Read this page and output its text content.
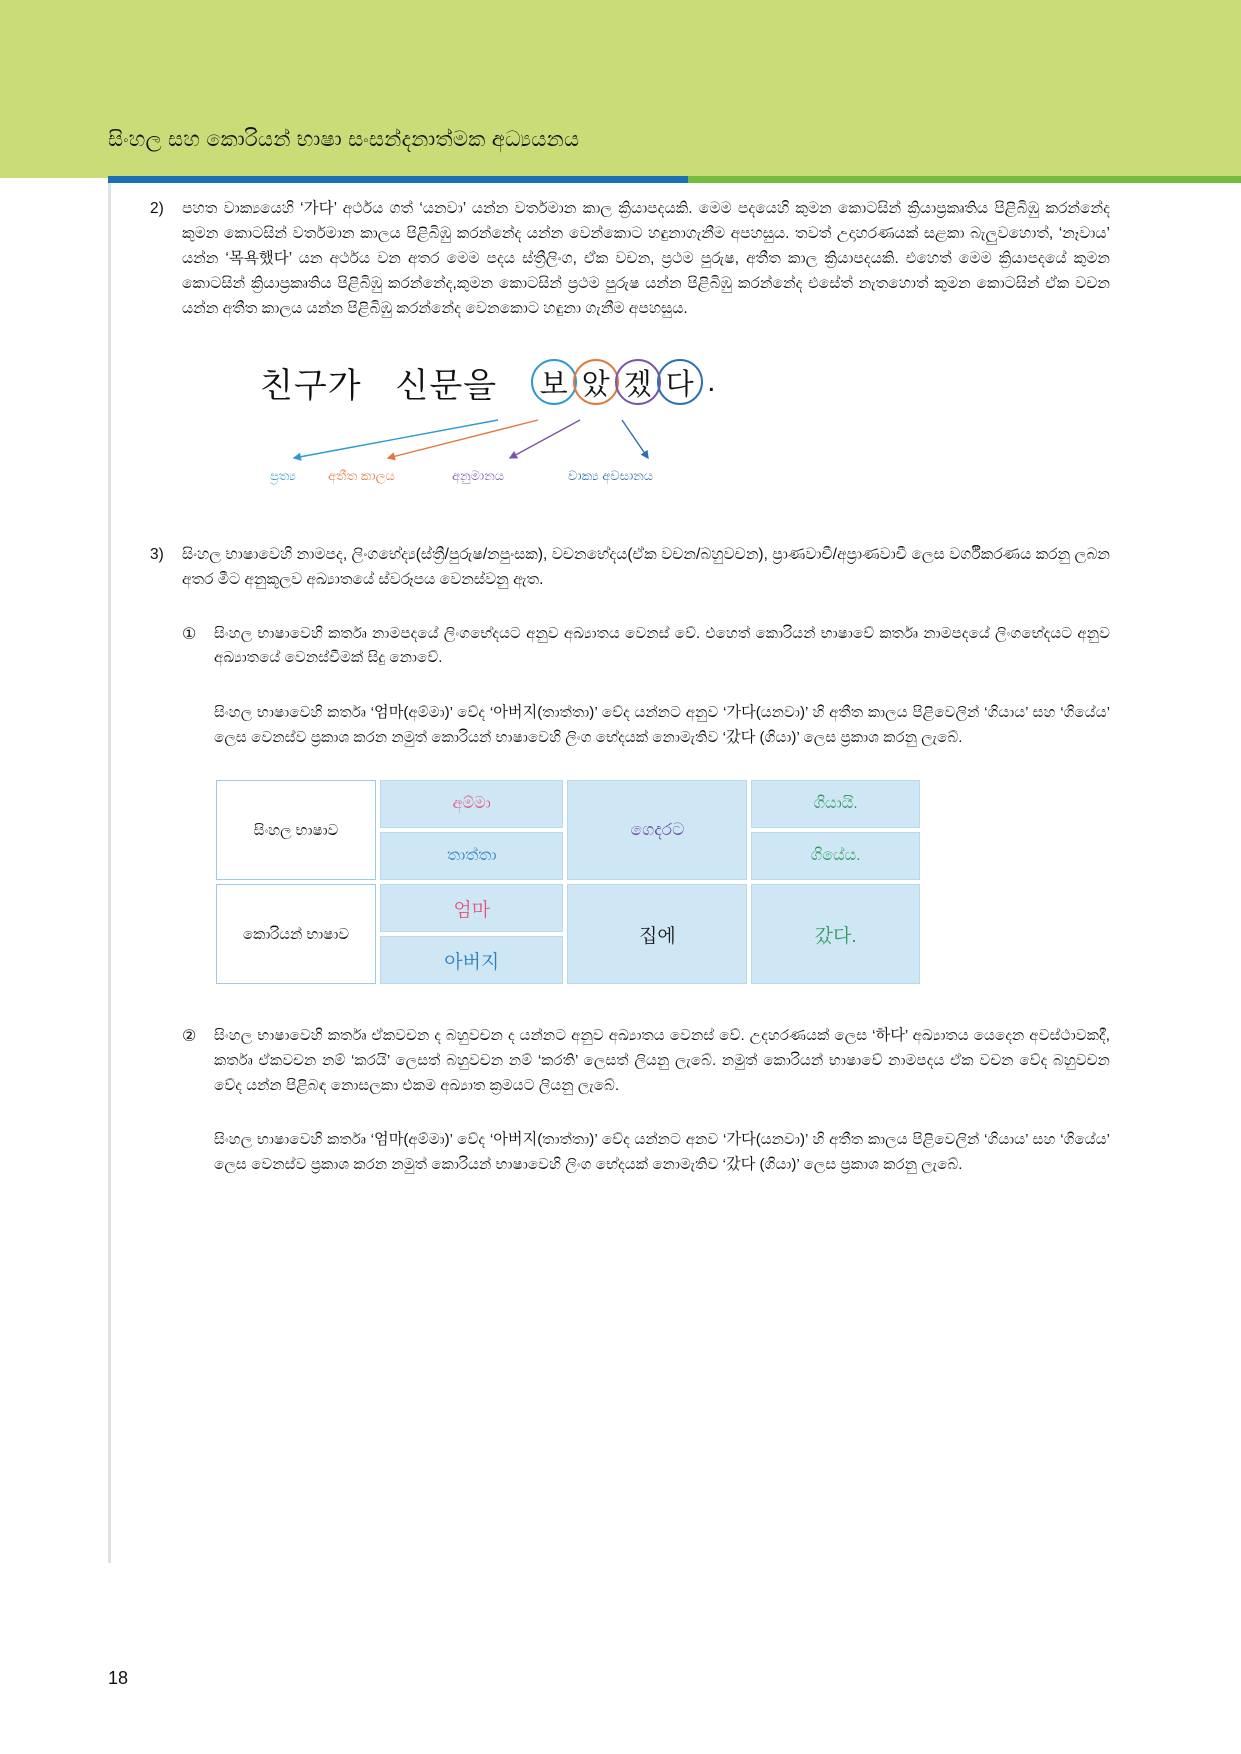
සිංහල සහ කොරියන් භාෂා සංසන්දනාත්මක අධ්‍යයනය
2)	පහත වාක්‍යයෙහි ‘가다’ අර්ථය ගත් ‘යනවා’ යන්න වර්තමාන කාල ක්‍රියාපදයකි. මෙම පදයෙහි කුමන කොටසින් ක්‍රියාප්‍රකෘතිය පිළිබිඹු කරන්නේද කුමන කොටසින් වර්තමාන කාලය පිළිබිඹු කරන්නේද යන්න වෙන්කොට හඳුනාගැනීම අපහසුය. තවත් උදාහරණයක් සළකා බැලුවහොත්, ‘නෑවාය’ යන්න ‘목욕했다’ යන අර්ථය වන අතර මෙම පදය ස්ත්‍රීලිංග, ඒක වචන, ප්‍රථම පුරුෂ, අතීත කාල ක්‍රියාපදයකි. එහෙත් මෙම ක්‍රියාපදයේ කුමන කොටසින් ක්‍රියාප්‍රකෘතිය පිළිබිඹු කරන්නේද,කුමන කොටසින් ප්‍රථම පුරුෂ යන්න පිළිබිඹු කරන්නේද එසේත් නැතහොත් කුමන කොටසින් ඒක වචන යන්න අතීත කාලය යන්න පිළිබිඹු කරන්නේද වෙනකොට හඳුනා ගැනීම අපහසුය.
친구가 신문을 보 았 겠 다 .
ප්‍රත්‍ය අතීත කාලය	අනුමානය	වාක්‍ය අවසානය
3)	සිංහල භාෂාවෙහි නාමපද, ලිංගභේද්‍ය(ස්ත්‍රී/පුරුෂ/නපුංසක), වචනභේදය(ඒක වචන/බහුවචන), ප්‍රාණවාචී/අප්‍රාණවාචී ලෙස වර්ගීකරණය කරනු ලබන අතර මීට අනුකූලව අඛ්‍යාතයේ ස්වරූපය වෙනස්වනු ඇත.
①	සිංහල භාෂාවෙහි කර්තෘ නාමපදයේ ලිංගභේදයට අනුව අඛ්‍යාතය වෙනස් වේ. එහෙත් කොරියන් භාෂාවේ කර්තෘ නාමපදයේ ලිංගභේදයට අනුව අඛ්‍යාතයේ වෙනස්වීමක් සිදු නොවේ.
සිංහල භාෂාවෙහි කර්තෘ ‘엄마(අම්මා)’ වේද ‘아버지(තාත්තා)’ වේද යන්නට අනුව ‘가다(යනවා)’ හි අතීත කාලය පිළිවෙලින් ‘ගියාය’ සහ ‘ගියේය’ ලෙස වෙනස්ව ප්‍රකාශ කරන නමුත් කොරියන් භාෂාවෙහි ලිංග භේදයක් නොමැතිව ‘갔다 (ගියා)’ ලෙස ප්‍රකාශ කරනු ලැබේ.
සිංහල භාෂාව	අම්මා	ගෙදරට	ගියායි.
	තාත්තා		ගියේය.
කොරියන් භාෂාව	엄마	집에	갔다.
	아버지		
②	සිංහල භාෂාවෙහි කර්තෘ ඒකවචන ද බහුවචන ද යන්නට අනුව අඛ්‍යාතය වෙනස් වේ. උදහරණයක් ලෙස ‘하다’ අඛ්‍යාතය යෙදෙන අවස්ථාවකදී, කර්තෘ ඒකවචන නම් ‘කරයි’ ලෙසත් බහුවචන නම් ‘කරති’ ලෙසත් ලියනු ලැබේ. නමුත් කොරියන් භාෂාවේ නාමපදය ඒක වචන වේද බහුවචන වේද යන්න පිළිබඳ නොසලකා එකම අඛ්‍යාත ක්‍රමයට ලියනු ලැබේ.
සිංහල භාෂාවෙහි කර්තෘ ‘엄마(අම්මා)’ වේද ‘아버지(තාත්තා)’ වේද යන්නට අනව ‘가다(යනවා)’ හි අතීත කාලය පිළිවෙලින් ‘ගියාය’ සහ ‘ගියේය’ ලෙස වෙනස්ව ප්‍රකාශ කරන නමුත් කොරියන් භාෂාවෙහි ලිංග භේදයක් නොමැතිව ‘갔다 (ගියා)’ ලෙස ප්‍රකාශ කරනු ලැබේ.
18
